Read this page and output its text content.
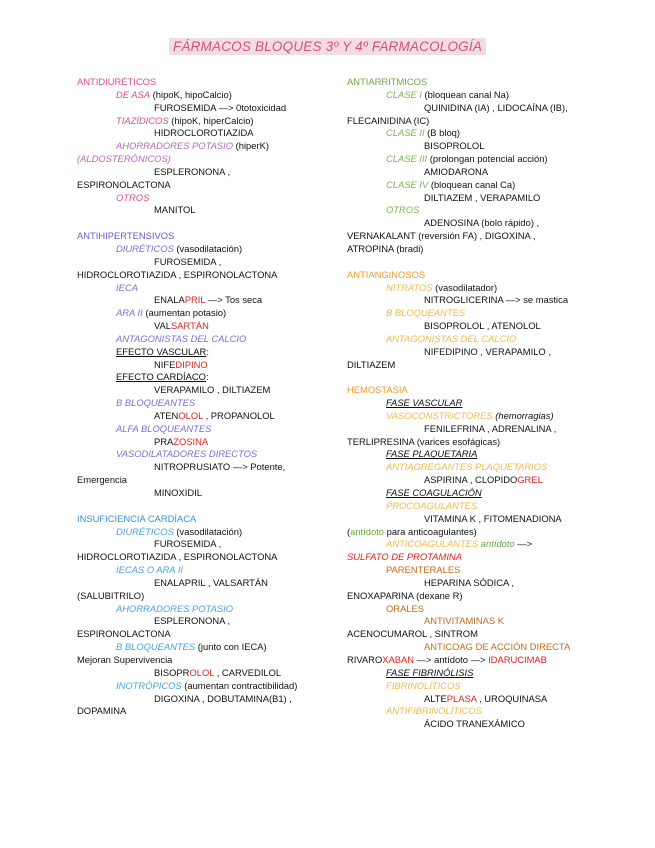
FÁRMACOS BLOQUES 3º Y 4º FARMACOLOGÍA
ANTIDIURÉTICOS
DE ASA (hipoK, hipoCalcio)
FUROSEMIDA —> 0totoxicidad
TIAZÍDICOS (hipoK, hiperCalcio)
HIDROCLOROTIAZIDA
AHORRADORES POTASIO (hiperK)
(ALDOSTERÓNICOS)
ESPLERONONA ,
ESPIRONOLACTONA
OTROS
MANITOL
ANTIHIPERTENSIVOS
DIURÉTICOS (vasodilatación)
FUROSEMIDA ,
HIDROCLOROTIAZIDA , ESPIRONOLACTONA
IECA
ENALAPRIL —> Tos seca
ARA II (aumentan potasio)
VALSARTÁN
ANTAGONISTAS DEL CALCIO
EFECTO VASCULAR:
NIFEDIPINO
EFECTO CARDÍACO:
VERAPAMILO , DILTIAZEM
B BLOQUEANTES
ATENOLOL , PROPANOLOL
ALFA BLOQUEANTES
PRAZOSINA
VASODILATADORES DIRECTOS
NITROPRUSIATO —> Potente,
Emergencia
MINOXIDIL
INSUFICIENCIA CARDÍACA
DIURÉTICOS (vasodilatación)
FUROSEMIDA ,
HIDROCLOROTIAZIDA , ESPIRONOLACTONA
IECAS O ARA II
ENALAPRIL , VALSARTÁN
(SALUBITRILO)
AHORRADORES POTASIO
ESPLERONONA ,
ESPIRONOLACTONA
B BLOQUEANTES (junto con IECA)
Mejoran Supervivencia
BISOPROLOL , CARVEDILOL
INOTRÓPICOS (aumentan contractibilidad)
DIGOXINA , DOBUTAMINA(B1) ,
DOPAMINA
ANTIARRITMICOS
CLASE I (bloquean canal Na)
QUINIDINA (IA) , LIDOCAÍNA (IB),
FLECAINIDINA (IC)
CLASE II (B bloq)
BISOPROLOL
CLASE III (prolongan potencial acción)
AMIODARONA
CLASE IV (bloquean canal Ca)
DILTIAZEM , VERAPAMILO
OTROS
ADENOSINA (bolo rápido) ,
VERNAKALANT (reversión FA) , DIGOXINA ,
ATROPINA (bradi)
ANTIANGINOSOS
NITRATOS (vasodilatador)
NITROGLICERINA —> se mastica
B BLOQUEANTES
BISOPROLOL , ATENOLOL
ANTAGONISTAS DEL CALCIO
NIFEDIPINO , VERAPAMILO ,
DILTIAZEM
HEMOSTASIA
FASE VASCULAR
VASOCONSTRICTORES (hemorragias)
FENILEFRINA , ADRENALINA ,
TERLIPRESINA (varices esofágicas)
FASE PLAQUETARIA
ANTIAGREGANTES PLAQUETARIOS
ASPIRINA , CLOPIDOGREL
FASE COAGULACIÓN
PROCOAGULANTES
VITAMINA K , FITOMENADIONA
(antídoto para anticoagulantes)
ANTICOAGULANTES antídoto —>
SULFATO DE PROTAMINA
PARENTERALES
HEPARINA SÓDICA ,
ENOXAPARINA (dexane R)
ORALES
ANTIVITAMINAS K
ACENOCUMAROL , SINTROM
ANTICOAG DE ACCIÓN DIRECTA
RIVAROXABAN —> antídoto —> IDARUCIMAB
FASE FIBRINÓLISIS
FIBRINOLÍTICOS
ALTEPLASA , UROQUINASA
ANTIFIBRINOLÍTICOS
ÁCIDO TRANEXÁMICO
